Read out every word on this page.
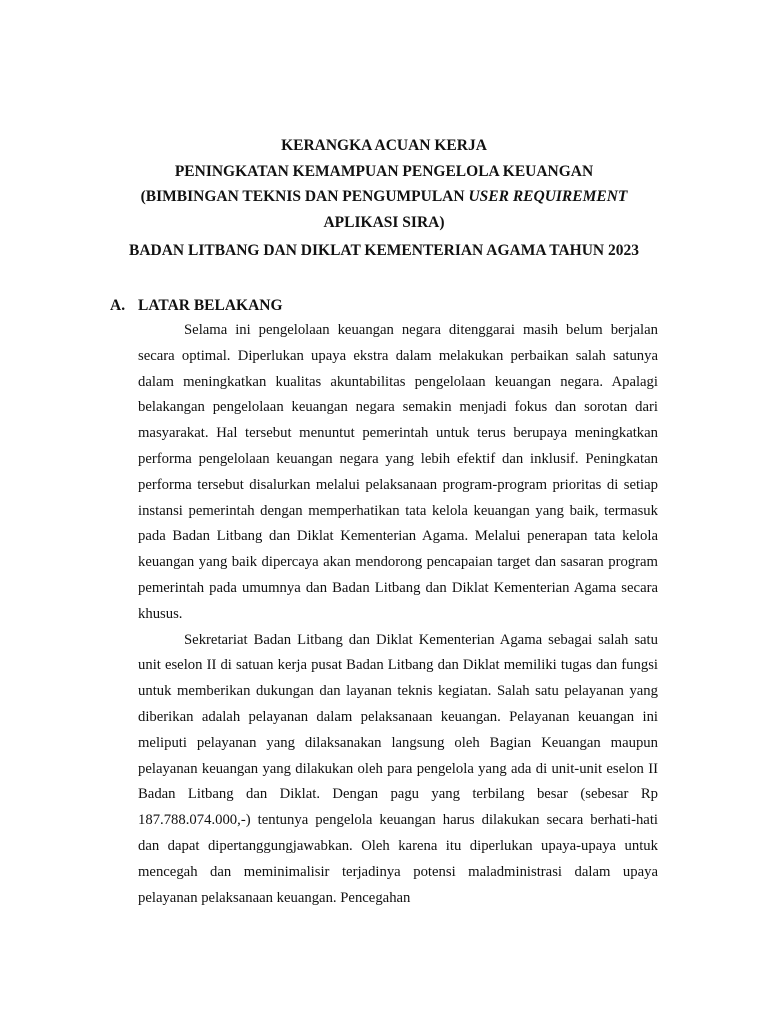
KERANGKA ACUAN KERJA
PENINGKATAN KEMAMPUAN PENGELOLA KEUANGAN
(BIMBINGAN TEKNIS DAN PENGUMPULAN USER REQUIREMENT
APLIKASI SIRA)
BADAN LITBANG DAN DIKLAT KEMENTERIAN AGAMA TAHUN 2023
A. LATAR BELAKANG

Selama ini pengelolaan keuangan negara ditenggarai masih belum berjalan secara optimal. Diperlukan upaya ekstra dalam melakukan perbaikan salah satunya dalam meningkatkan kualitas akuntabilitas pengelolaan keuangan negara. Apalagi belakangan pengelolaan keuangan negara semakin menjadi fokus dan sorotan dari masyarakat. Hal tersebut menuntut pemerintah untuk terus berupaya meningkatkan performa pengelolaan keuangan negara yang lebih efektif dan inklusif. Peningkatan performa tersebut disalurkan melalui pelaksanaan program-program prioritas di setiap instansi pemerintah dengan memperhatikan tata kelola keuangan yang baik, termasuk pada Badan Litbang dan Diklat Kementerian Agama. Melalui penerapan tata kelola keuangan yang baik dipercaya akan mendorong pencapaian target dan sasaran program pemerintah pada umumnya dan Badan Litbang dan Diklat Kementerian Agama secara khusus.

Sekretariat Badan Litbang dan Diklat Kementerian Agama sebagai salah satu unit eselon II di satuan kerja pusat Badan Litbang dan Diklat memiliki tugas dan fungsi untuk memberikan dukungan dan layanan teknis kegiatan. Salah satu pelayanan yang diberikan adalah pelayanan dalam pelaksanaan keuangan. Pelayanan keuangan ini meliputi pelayanan yang dilaksanakan langsung oleh Bagian Keuangan maupun pelayanan keuangan yang dilakukan oleh para pengelola yang ada di unit-unit eselon II Badan Litbang dan Diklat. Dengan pagu yang terbilang besar (sebesar Rp 187.788.074.000,-) tentunya pengelola keuangan harus dilakukan secara berhati-hati dan dapat dipertanggungjawabkan. Oleh karena itu diperlukan upaya-upaya untuk mencegah dan meminimalisir terjadinya potensi maladministrasi dalam upaya pelayanan pelaksanaan keuangan. Pencegahan
